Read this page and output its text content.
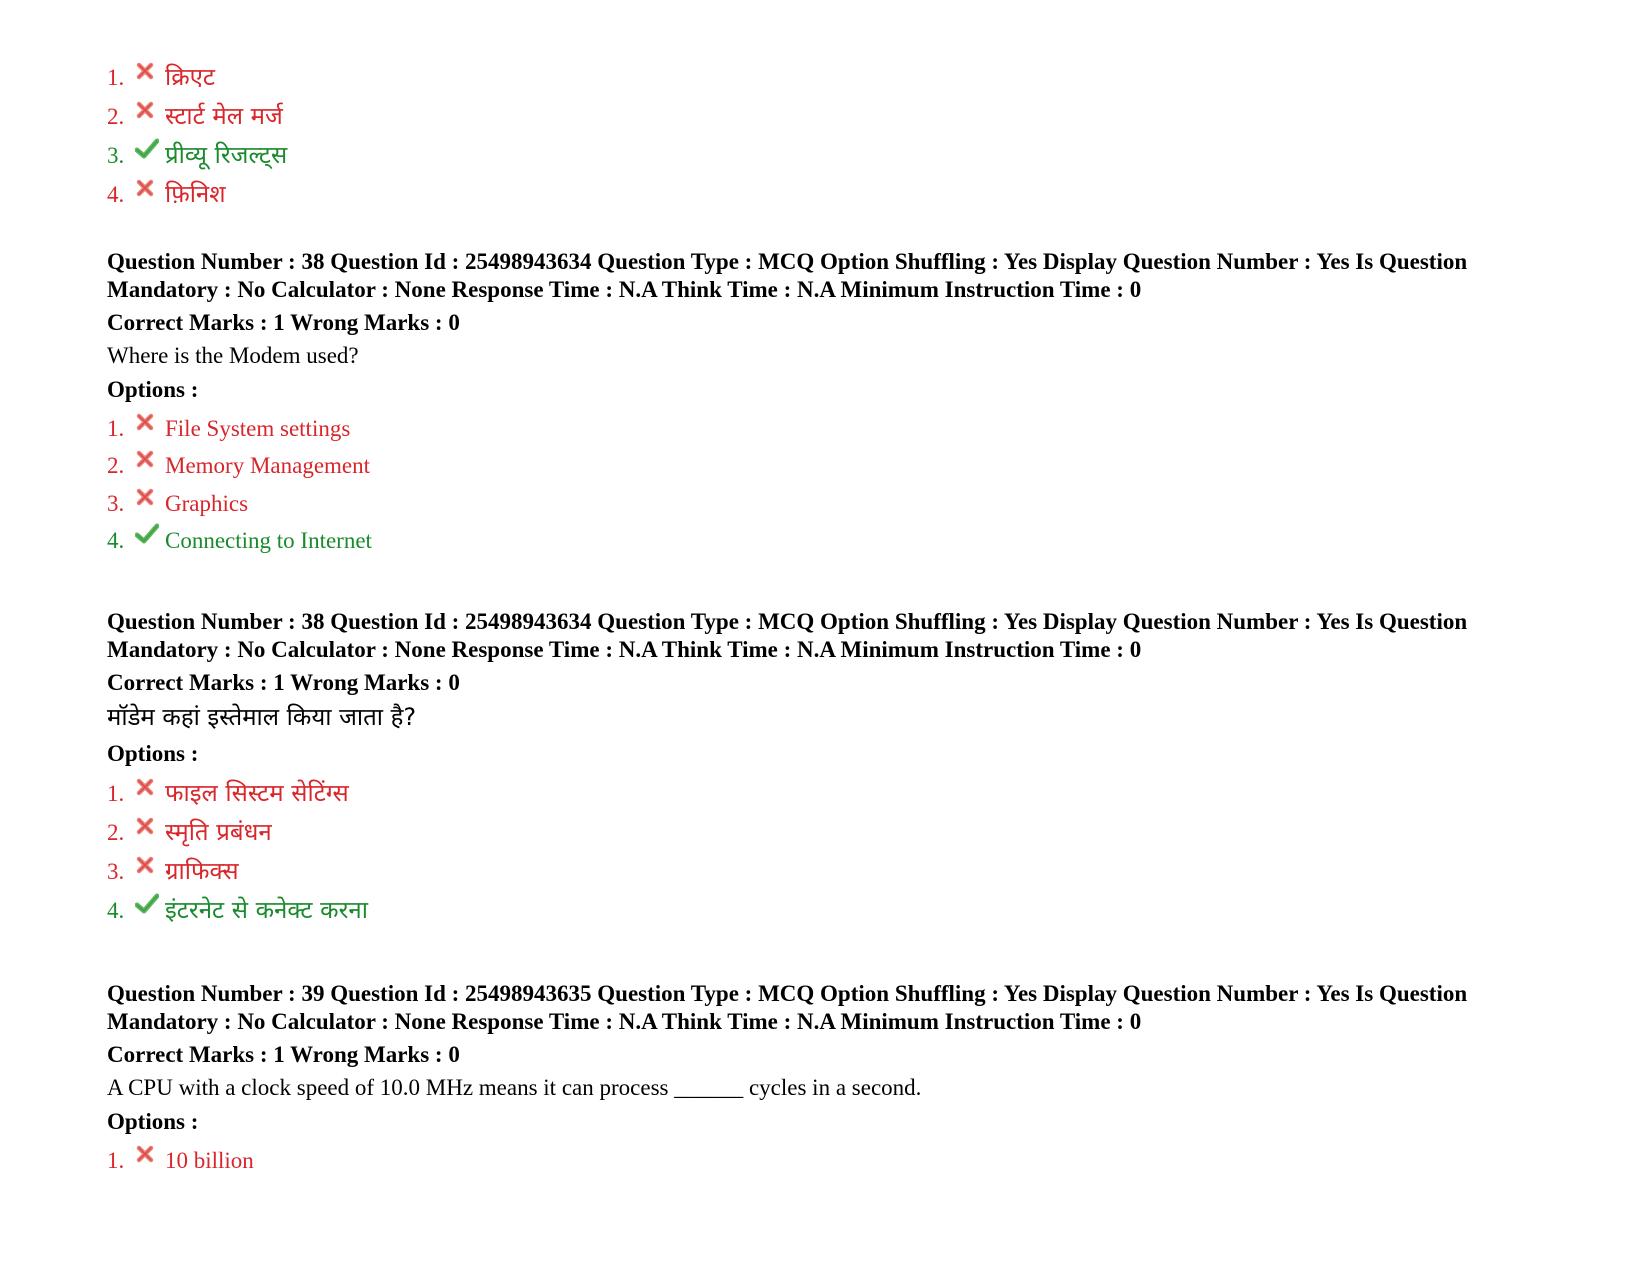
1. क्रिएट
2. स्टार्ट मेल मर्ज
3. प्रीव्यू रिजल्ट्स
4. फ़िनिश
Question Number : 38 Question Id : 25498943634 Question Type : MCQ Option Shuffling : Yes Display Question Number : Yes Is Question Mandatory : No Calculator : None Response Time : N.A Think Time : N.A Minimum Instruction Time : 0
Correct Marks : 1 Wrong Marks : 0
Where is the Modem used?
Options :
1. File System settings
2. Memory Management
3. Graphics
4. Connecting to Internet
Question Number : 38 Question Id : 25498943634 Question Type : MCQ Option Shuffling : Yes Display Question Number : Yes Is Question Mandatory : No Calculator : None Response Time : N.A Think Time : N.A Minimum Instruction Time : 0
Correct Marks : 1 Wrong Marks : 0
मॉडेम कहां इस्तेमाल किया जाता है?
Options :
1. फाइल सिस्टम सेटिंग्स
2. स्मृति प्रबंधन
3. ग्राफिक्स
4. इंटरनेट से कनेक्ट करना
Question Number : 39 Question Id : 25498943635 Question Type : MCQ Option Shuffling : Yes Display Question Number : Yes Is Question Mandatory : No Calculator : None Response Time : N.A Think Time : N.A Minimum Instruction Time : 0
Correct Marks : 1 Wrong Marks : 0
A CPU with a clock speed of 10.0 MHz means it can process ______ cycles in a second.
Options :
1. 10 billion
